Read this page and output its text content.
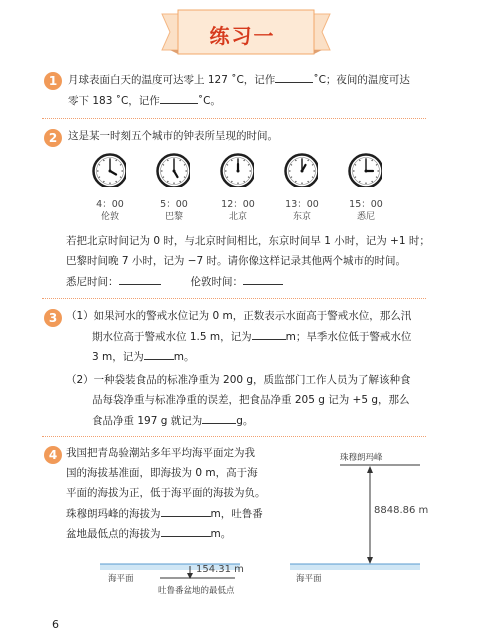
练习一
1	月球表面白天的温度可达零上 127 ˚C，记作	˚C；夜间的温度可达
零下 183 ˚C，记作	˚C。
2	这是某一时刻五个城市的钟表所呈现的时间。
4：00
伦敦
5：00
巴黎
12：00
北京
13：00
东京
15：00
悉尼
若把北京时间记为 0 时，与北京时间相比，东京时间早 1 小时，记为 +1 时；
巴黎时间晚 7 小时，记为 −7 时。请你像这样记录其他两个城市的时间。
悉尼时间：	伦敦时间：
3 （1）如果河水的警戒水位记为 0 m，正数表示水面高于警戒水位，那么汛
期水位高于警戒水位 1.5 m，记为	m；旱季水位低于警戒水位
3 m，记为	m。
（2）一种袋装食品的标准净重为 200 g，质监部门工作人员为了解该种食
品每袋净重与标准净重的误差，把食品净重 205 g 记为 +5 g，那么
食品净重 197 g 就记为	g。
4 我国把青岛验潮站多年平均海平面定为我
国的海拔基准面，即海拔为 0 m，高于海
平面的海拔为正，低于海平面的海拔为负。
珠穆朗玛峰的海拔为	m，吐鲁番
盆地最低点的海拔为	m。
珠穆朗玛峰
8848.86 m
海平面	海平面
154.31 m
吐鲁番盆地的最低点
6
